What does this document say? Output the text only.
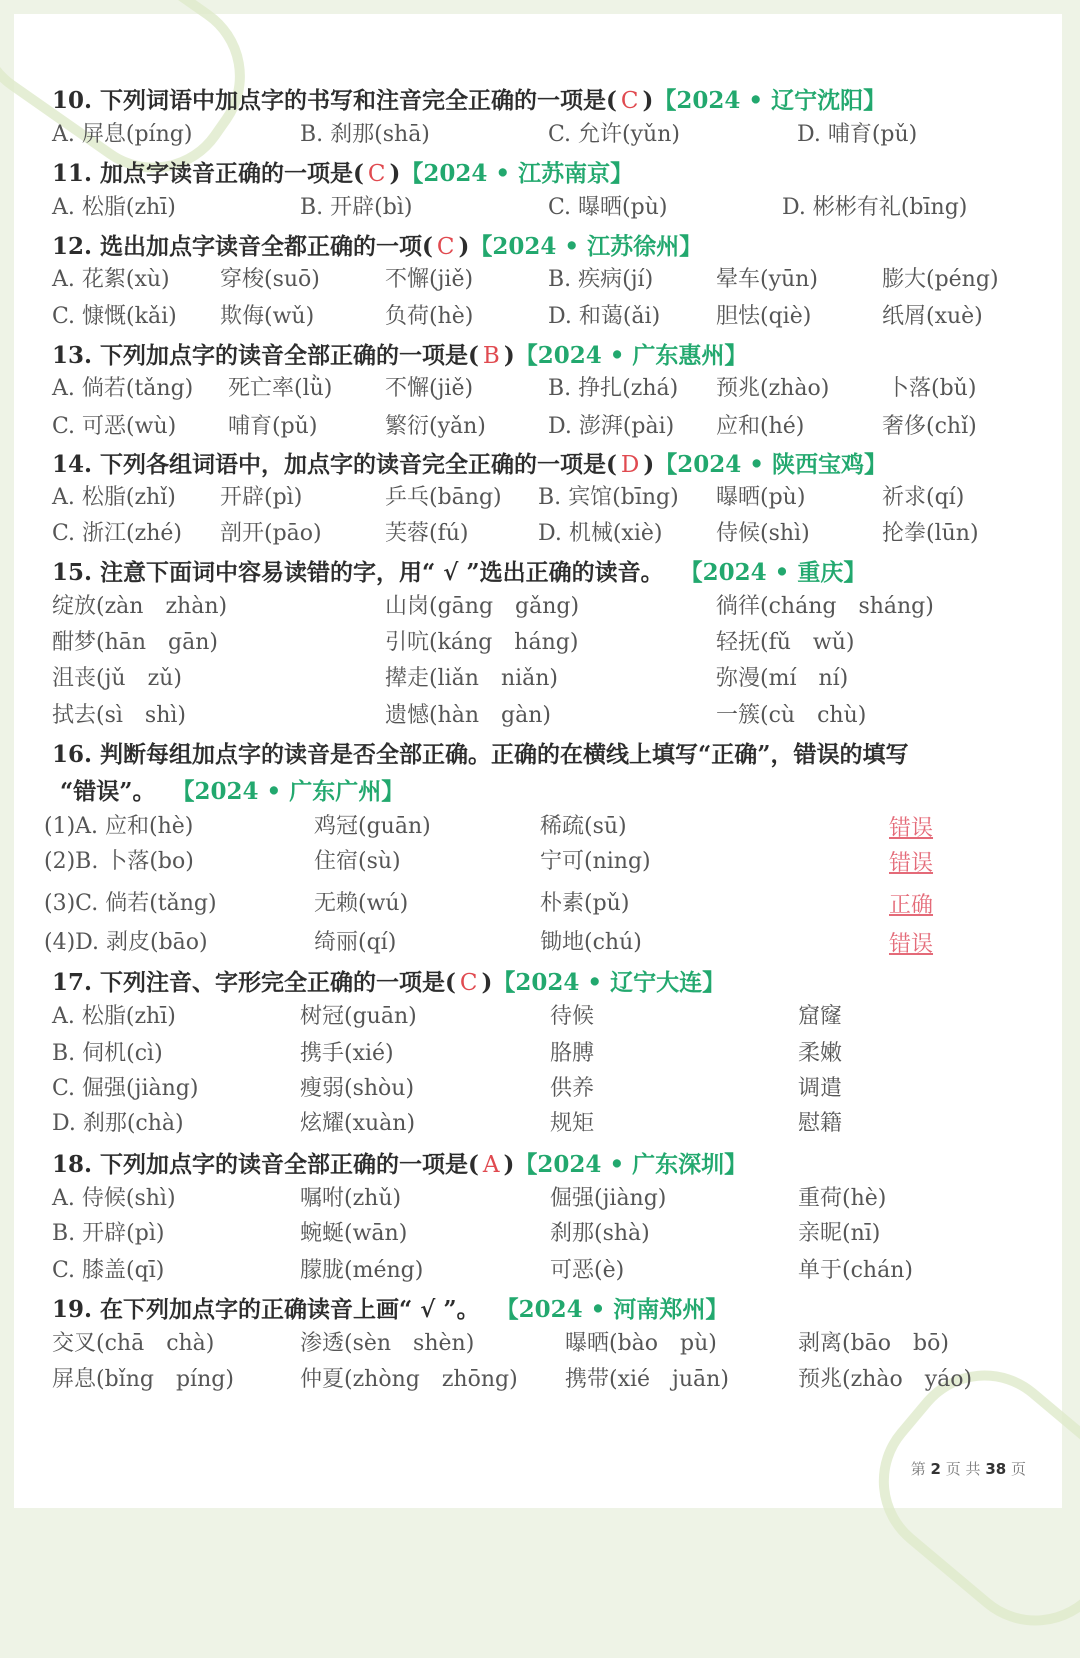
10. 下列词语中加点字的书写和注音完全正确的一项是( C )【2024 • 辽宁沈阳】
A. 屏息(píng)	B. 刹那(shā)	C. 允许(yǔn)	D. 哺育(pǔ)
11. 加点字读音正确的一项是( C )【2024 • 江苏南京】
A. 松脂(zhī)	B. 开辟(bì)	C. 曝晒(pù)	D. 彬彬有礼(bīng)
12. 选出加点字读音全都正确的一项( C )【2024 • 江苏徐州】
A. 花絮(xù) 穿梭(suō)	不懈(jiě)	B. 疾病(jí)	晕车(yūn)	膨大(péng)
C. 慷慨(kǎi) 欺侮(wǔ)	负荷(hè)	D. 和蔼(ǎi)	胆怯(qiè)	纸屑(xuè)
13. 下列加点字的读音全部正确的一项是( B )【2024 • 广东惠州】
A. 倘若(tǎng) 死亡率(lǜ) 不懈(jiě)	B. 挣扎(zhá) 预兆(zhào)	卜落(bǔ)
C. 可恶(wù) 哺育(pǔ)	繁衍(yǎn)	D. 澎湃(pài) 应和(hé)	奢侈(chǐ)
14. 下列各组词语中，加点字的读音完全正确的一项是( D )【2024 • 陕西宝鸡】
A. 松脂(zhǐ) 开辟(pì)	乒乓(bāng) B. 宾馆(bīng) 曝晒(pù)	祈求(qí)
C. 浙江(zhé) 剖开(pāo)	芙蓉(fú)	D. 机械(xiè) 侍候(shì)	抡拳(lūn)
15. 注意下面词中容易读错的字，用“ √ ”选出正确的读音。 【2024 • 重庆】
绽放(zàn　zhàn)	山岗(gāng　gǎng)	徜徉(cháng　sháng)
酣梦(hān　gān)	引吭(káng　háng)	轻抚(fǔ　wǔ)
沮丧(jǔ　zǔ)	撵走(liǎn　niǎn)	弥漫(mí　ní)
拭去(sì　shì)	遗憾(hàn　gàn)	一簇(cù　chù)
16. 判断每组加点字的读音是否全部正确。正确的在横线上填写“正确”，错误的填写
“错误”。 【2024 • 广东广州】
(1)A. 应和(hè)	鸡冠(guān)	稀疏(sū)	错误
(2)B. 卜落(bo)	住宿(sù)	宁可(ning)	错误
(3)C. 倘若(tǎng)	无赖(wú)	朴素(pǔ)	正确
(4)D. 剥皮(bāo)	绮丽(qí)	锄地(chú)	错误
17. 下列注音、字形完全正确的一项是( C )【2024 • 辽宁大连】
A. 松脂(zhī)	树冠(guān)	待候	窟窿
B. 伺机(cì)	携手(xié)	胳膊	柔嫩
C. 倔强(jiàng)	瘦弱(shòu)	供养	调遣
D. 刹那(chà)	炫耀(xuàn)	规矩	慰籍
18. 下列加点字的读音全部正确的一项是( A )【2024 • 广东深圳】
A. 侍候(shì)	嘱咐(zhǔ)	倔强(jiàng)	重荷(hè)
B. 开辟(pì)	蜿蜒(wān)	刹那(shà)	亲昵(nī)
C. 膝盖(qī)	朦胧(méng)	可恶(è)	单于(chán)
19. 在下列加点字的正确读音上画“ √ ”。 【2024 • 河南郑州】
交叉(chā　chà)	渗透(sèn　shèn)	曝晒(bào　pù)	剥离(bāo　bō)
屏息(bǐng　píng)	仲夏(zhòng　zhōng) 携带(xié　juān)	预兆(zhào　yáo)
第 2 页 共 38 页
